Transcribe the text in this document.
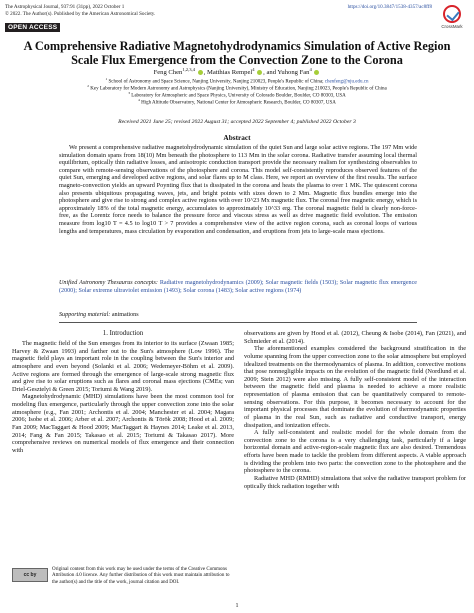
The Astrophysical Journal, 937:91 (31pp), 2022 October 1
© 2022. The Author(s). Published by the American Astronomical Society.
https://doi.org/10.3847/1538-4357/ac8ff8
OPEN ACCESS	CrossMark
A Comprehensive Radiative Magnetohydrodynamics Simulation of Active Region Scale Flux Emergence from the Convection Zone to the Corona
Feng Chen$^{1,2,3,4}$ , Matthias Rempel$^4$ , and Yuhong Fan$^4$
$^1$ School of Astronomy and Space Science, Nanjing University, Nanjing 210023, People's Republic of China; chenfeng@nju.edu.cn
$^2$ Key Laboratory for Modern Astronomy and Astrophysics (Nanjing University), Ministry of Education, Nanjing 210023, People's Republic of China
$^3$ Laboratory for Atmospheric and Space Physics, University of Colorado Boulder, Boulder, CO 80303, USA
$^4$ High Altitude Observatory, National Center for Atmospheric Research, Boulder, CO 80307, USA
Received 2021 June 25; revised 2022 August 31; accepted 2022 September 4; published 2022 October 3
Abstract

We present a comprehensive radiative magnetohydrodynamic simulation of the quiet Sun and large solar active regions. The 197 Mm wide simulation domain spans from 18(10) Mm beneath the photosphere to 113 Mm in the solar corona. Radiative transfer assuming local thermal equilibrium, optically thin radiative losses, and anisotropic conduction transport provide the necessary realism for synthesizing observables to compare with remote-sensing observations of the photosphere and corona. This model self-consistently reproduces observed features of the quiet Sun, emerging and developed active regions, and solar flares up to M class. Here, we report an overview of the first results. The surface magneto-convection yields an upward Poynting flux that is dissipated in the corona and heats the plasma to over 1 MK. The quiescent corona also presents ubiquitous propagating waves, jets, and bright points with sizes down to 2 Mm. Magnetic flux bundles emerge into the photosphere and give rise to strong and complex active regions with over 10^23 Mx magnetic flux. The coronal free magnetic energy, which is approximately 18% of the total magnetic energy, accumulates to approximately 10^33 erg. The coronal magnetic field is clearly non-force-free, as the Lorentz force needs to balance the pressure force and viscous stress as well as drive magnetic field evolution. The emission measure from log10 T = 4.5 to log10 T > 7 provides a comprehensive view of the active region corona, such as coronal loops of various lengths and temperatures, mass circulation by evaporation and condensation, and eruptions from jets to large-scale mass ejections.

Unified Astronomy Thesaurus concepts: Radiative magnetohydrodynamics (2009); Solar magnetic fields (1503); Solar magnetic flux emergence (2000); Solar extreme ultraviolet emission (1493); Solar corona (1483); Solar active regions (1974)
Supporting material: animations
1. Introduction

The magnetic field of the Sun emerges from its interior to its surface (Zwaan 1985; Harvey & Zwaan 1993) and farther out to the Sun's atmosphere (Low 1996). The magnetic field plays an important role in the coupling between the Sun's interior and atmosphere and even beyond (Solanki et al. 2006; Wedemeyer-Böhm et al. 2009). Active regions are formed through the emergence of large-scale strong magnetic flux and give rise to solar eruptions such as flares and coronal mass ejections (CMEs; van Driel-Gesztelyi & Green 2015; Toriumi & Wang 2019).

Magnetohydrodynamic (MHD) simulations have been the most common tool for modeling flux emergence, particularly through the upper convection zone into the solar atmosphere (e.g., Fan 2001; Archontis et al. 2004; Manchester et al. 2004; Magara 2006; Isobe et al. 2006; Arber et al. 2007; Archontis & Török 2008; Hood et al. 2009; Fan 2009; MacTaggart & Hood 2009; MacTaggart & Haynes 2014; Leake et al. 2013, 2014; Fang & Fan 2015; Takasao et al. 2015; Toriumi & Takasao 2017). More comprehensive reviews on numerical models of flux emergence and their connection with

observations are given by Hood et al. (2012), Cheung & Isobe (2014), Fan (2021), and Schmieder et al. (2014).

The aforementioned examples considered the background stratification in the volume spanning from the upper convection zone to the solar atmosphere but employed idealized treatments on the thermodynamics of plasma. In addition, convective motions that pose nonnegligible impacts on the evolution of the magnetic field (Nordlund et al. 2009; Stein 2012) were also missing. A fully self-consistent model of the interaction between the magnetic field and plasma is needed to achieve a more realistic representation of plasma emission that can be quantitatively compared to remote-sensing observations. For this purpose, it becomes necessary to account for the important physical processes that dominate the evolution of thermodynamic properties of plasma in the real Sun, such as radiative and conductive transport, energy dissipation, and ionization effects.

A fully self-consistent and realistic model for the whole domain from the convection zone to the corona is a very challenging task, particularly if a large horizontal domain and active-region-scale magnetic flux are also desired. Tremendous efforts have been made to tackle the problem from different aspects. A viable approach is dividing the problem into two parts: the convection zone to the photosphere and the photosphere to the corona.

Radiative MHD (RMHD) simulations that solve the radiative transport problem for optically thick radiation together with

cc by
Original content from this work may be used under the terms of the Creative Commons Attribution 4.0 licence. Any further distribution of this work must maintain attribution to the author(s) and the title of the work, journal citation and DOI.
1
